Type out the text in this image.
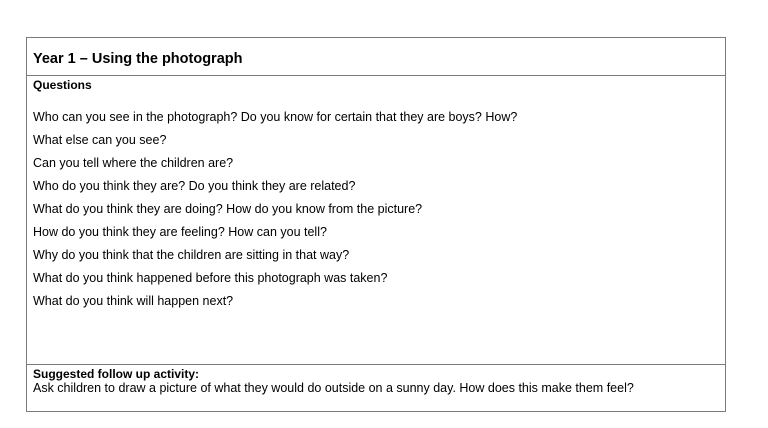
Year 1 – Using the photograph
Questions
Who can you see in the photograph? Do you know for certain that they are boys? How?
What else can you see?
Can you tell where the children are?
Who do you think they are? Do you think they are related?
What do you think they are doing? How do you know from the picture?
How do you think they are feeling? How can you tell?
Why do you think that the children are sitting in that way?
What do you think happened before this photograph was taken?
What do you think will happen next?
Suggested follow up activity:
Ask children to draw a picture of what they would do outside on a sunny day. How does this make them feel?
